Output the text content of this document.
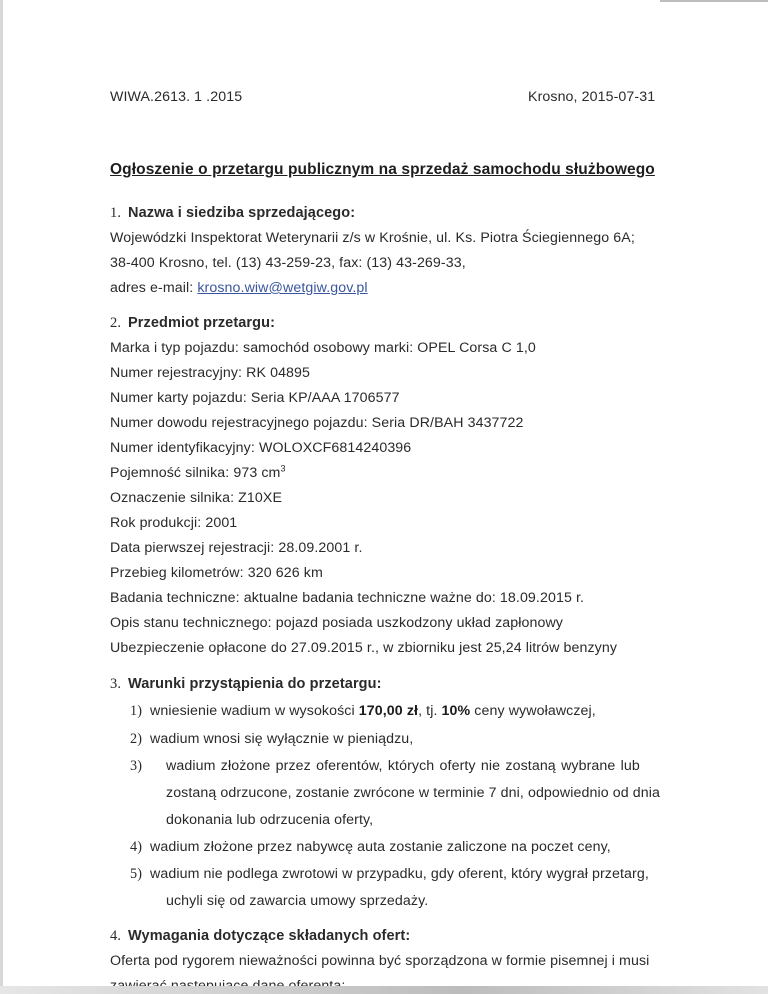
WIWA.2613. 1 .2015	Krosno, 2015-07-31
Ogłoszenie o przetargu publicznym na sprzedaż samochodu służbowego
1. Nazwa i siedziba sprzedającego:
Wojewódzki Inspektorat Weterynarii z/s w Krośnie, ul. Ks. Piotra Ściegiennego 6A;
38-400 Krosno, tel. (13) 43-259-23, fax: (13) 43-269-33,
adres e-mail: krosno.wiw@wetgiw.gov.pl
2. Przedmiot przetargu:
Marka i typ pojazdu: samochód osobowy marki: OPEL Corsa C 1,0
Numer rejestracyjny: RK 04895
Numer karty pojazdu: Seria KP/AAA 1706577
Numer dowodu rejestracyjnego pojazdu: Seria DR/BAH 3437722
Numer identyfikacyjny: WOLOXCF6814240396
Pojemność silnika: 973 $cm^3$
Oznaczenie silnika: Z10XE
Rok produkcji: 2001
Data pierwszej rejestracji: 28.09.2001 r.
Przebieg kilometrów: 320 626 km
Badania techniczne: aktualne badania techniczne ważne do: 18.09.2015 r.
Opis stanu technicznego: pojazd posiada uszkodzony układ zapłonowy
Ubezpieczenie opłacone do 27.09.2015 r., w zbiorniku jest 25,24 litrów benzyny
3. Warunki przystąpienia do przetargu:
1) wniesienie wadium w wysokości 170,00 zł, tj. 10% ceny wywoławczej,
2) wadium wnosi się wyłącznie w pieniądzu,
3)	wadium złożone przez oferentów, których oferty nie zostaną wybrane lub
zostaną odrzucone, zostanie zwrócone w terminie 7 dni, odpowiednio od dnia
dokonania lub odrzucenia oferty,
4) wadium złożone przez nabywcę auta zostanie zaliczone na poczet ceny,
5) wadium nie podlega zwrotowi w przypadku, gdy oferent, który wygrał przetarg,
uchyli się od zawarcia umowy sprzedaży.
4. Wymagania dotyczące składanych ofert:
Oferta pod rygorem nieważności powinna być sporządzona w formie pisemnej i musi
